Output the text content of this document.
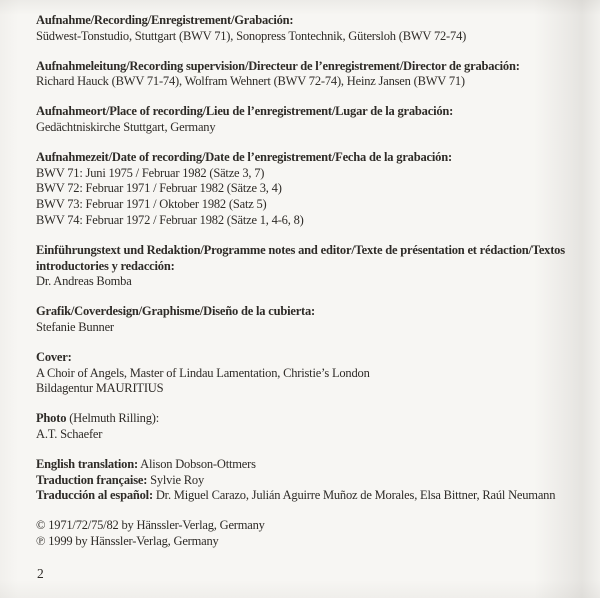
Aufnahme/Recording/Enregistrement/Grabación:
Südwest-Tonstudio, Stuttgart (BWV 71), Sonopress Tontechnik, Gütersloh (BWV 72-74)
Aufnahmeleitung/Recording supervision/Directeur de l’enregistrement/Director de grabación:
Richard Hauck (BWV 71-74), Wolfram Wehnert (BWV 72-74), Heinz Jansen (BWV 71)
Aufnahmeort/Place of recording/Lieu de l’enregistrement/Lugar de la grabación:
Gedächtniskirche Stuttgart, Germany
Aufnahmezeit/Date of recording/Date de l’enregistrement/Fecha de la grabación:
BWV 71: Juni 1975 / Februar 1982 (Sätze 3, 7)
BWV 72: Februar 1971 / Februar 1982 (Sätze 3, 4)
BWV 73: Februar 1971 / Oktober 1982 (Satz 5)
BWV 74: Februar 1972 / Februar 1982 (Sätze 1, 4-6, 8)
Einführungstext und Redaktion/Programme notes and editor/Texte de présentation et rédaction/Textos
introductories y redacción:
Dr. Andreas Bomba
Grafik/Coverdesign/Graphisme/Diseño de la cubierta:
Stefanie Bunner
Cover:
A Choir of Angels, Master of Lindau Lamentation, Christie’s London
Bildagentur MAURITIUS
Photo (Helmuth Rilling):
A.T. Schaefer
English translation: Alison Dobson-Ottmers
Traduction française: Sylvie Roy
Traducción al español: Dr. Miguel Carazo, Julián Aguirre Muñoz de Morales, Elsa Bittner, Raúl Neumann
© 1971/72/75/82 by Hänssler-Verlag, Germany
℗ 1999 by Hänssler-Verlag, Germany
2
